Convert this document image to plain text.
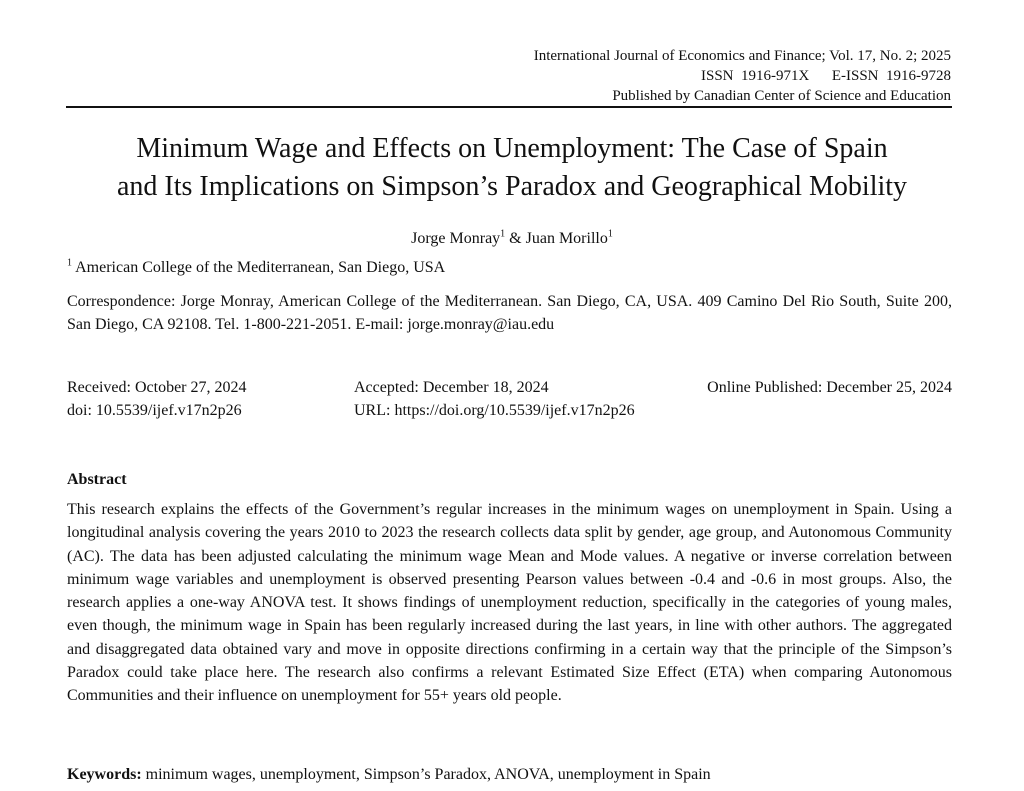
International Journal of Economics and Finance; Vol. 17, No. 2; 2025
ISSN  1916-971X      E-ISSN  1916-9728
Published by Canadian Center of Science and Education
Minimum Wage and Effects on Unemployment: The Case of Spain
and Its Implications on Simpson’s Paradox and Geographical Mobility
Jorge Monray$^1$ & Juan Morillo$^1$
$^1$ American College of the Mediterranean, San Diego, USA
Correspondence: Jorge Monray, American College of the Mediterranean. San Diego, CA, USA. 409 Camino Del Rio South, Suite 200, San Diego, CA 92108. Tel. 1-800-221-2051. E-mail: jorge.monray@iau.edu
Received: October 27, 2024	Accepted: December 18, 2024	Online Published: December 25, 2024
doi: 10.5539/ijef.v17n2p26	URL: https://doi.org/10.5539/ijef.v17n2p26
Abstract
This research explains the effects of the Government’s regular increases in the minimum wages on unemployment in Spain. Using a longitudinal analysis covering the years 2010 to 2023 the research collects data split by gender, age group, and Autonomous Community (AC). The data has been adjusted calculating the minimum wage Mean and Mode values. A negative or inverse correlation between minimum wage variables and unemployment is observed presenting Pearson values between -0.4 and -0.6 in most groups. Also, the research applies a one-way ANOVA test. It shows findings of unemployment reduction, specifically in the categories of young males, even though, the minimum wage in Spain has been regularly increased during the last years, in line with other authors. The aggregated and disaggregated data obtained vary and move in opposite directions confirming in a certain way that the principle of the Simpson’s Paradox could take place here. The research also confirms a relevant Estimated Size Effect (ETA) when comparing Autonomous Communities and their influence on unemployment for 55+ years old people.
Keywords: minimum wages, unemployment, Simpson’s Paradox, ANOVA, unemployment in Spain
